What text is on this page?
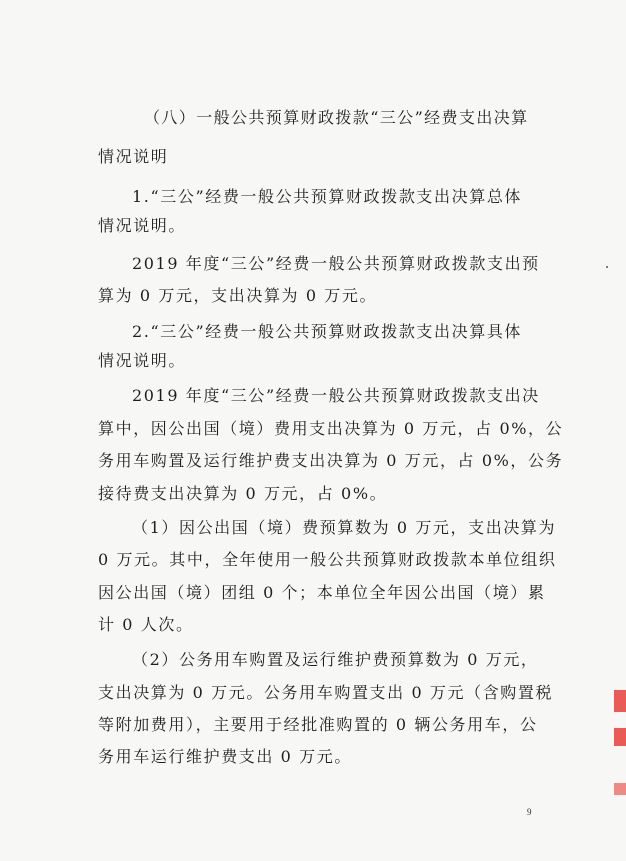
（八）一般公共预算财政拨款“三公”经费支出决算
情况说明
1.“三公”经费一般公共预算财政拨款支出决算总体
情况说明。
2019 年度“三公”经费一般公共预算财政拨款支出预
算为 0 万元，支出决算为 0 万元。
2.“三公”经费一般公共预算财政拨款支出决算具体
情况说明。
2019 年度“三公”经费一般公共预算财政拨款支出决
算中，因公出国（境）费用支出决算为 0 万元，占 0%，公
务用车购置及运行维护费支出决算为 0 万元，占 0%，公务
接待费支出决算为 0 万元，占 0%。
（1）因公出国（境）费预算数为 0 万元，支出决算为
0 万元。其中，全年使用一般公共预算财政拨款本单位组织
因公出国（境）团组 0 个；本单位全年因公出国（境）累
计 0 人次。
（2）公务用车购置及运行维护费预算数为 0 万元，
支出决算为 0 万元。公务用车购置支出 0 万元（含购置税
等附加费用），主要用于经批准购置的 0 辆公务用车，公
务用车运行维护费支出 0 万元。
9
